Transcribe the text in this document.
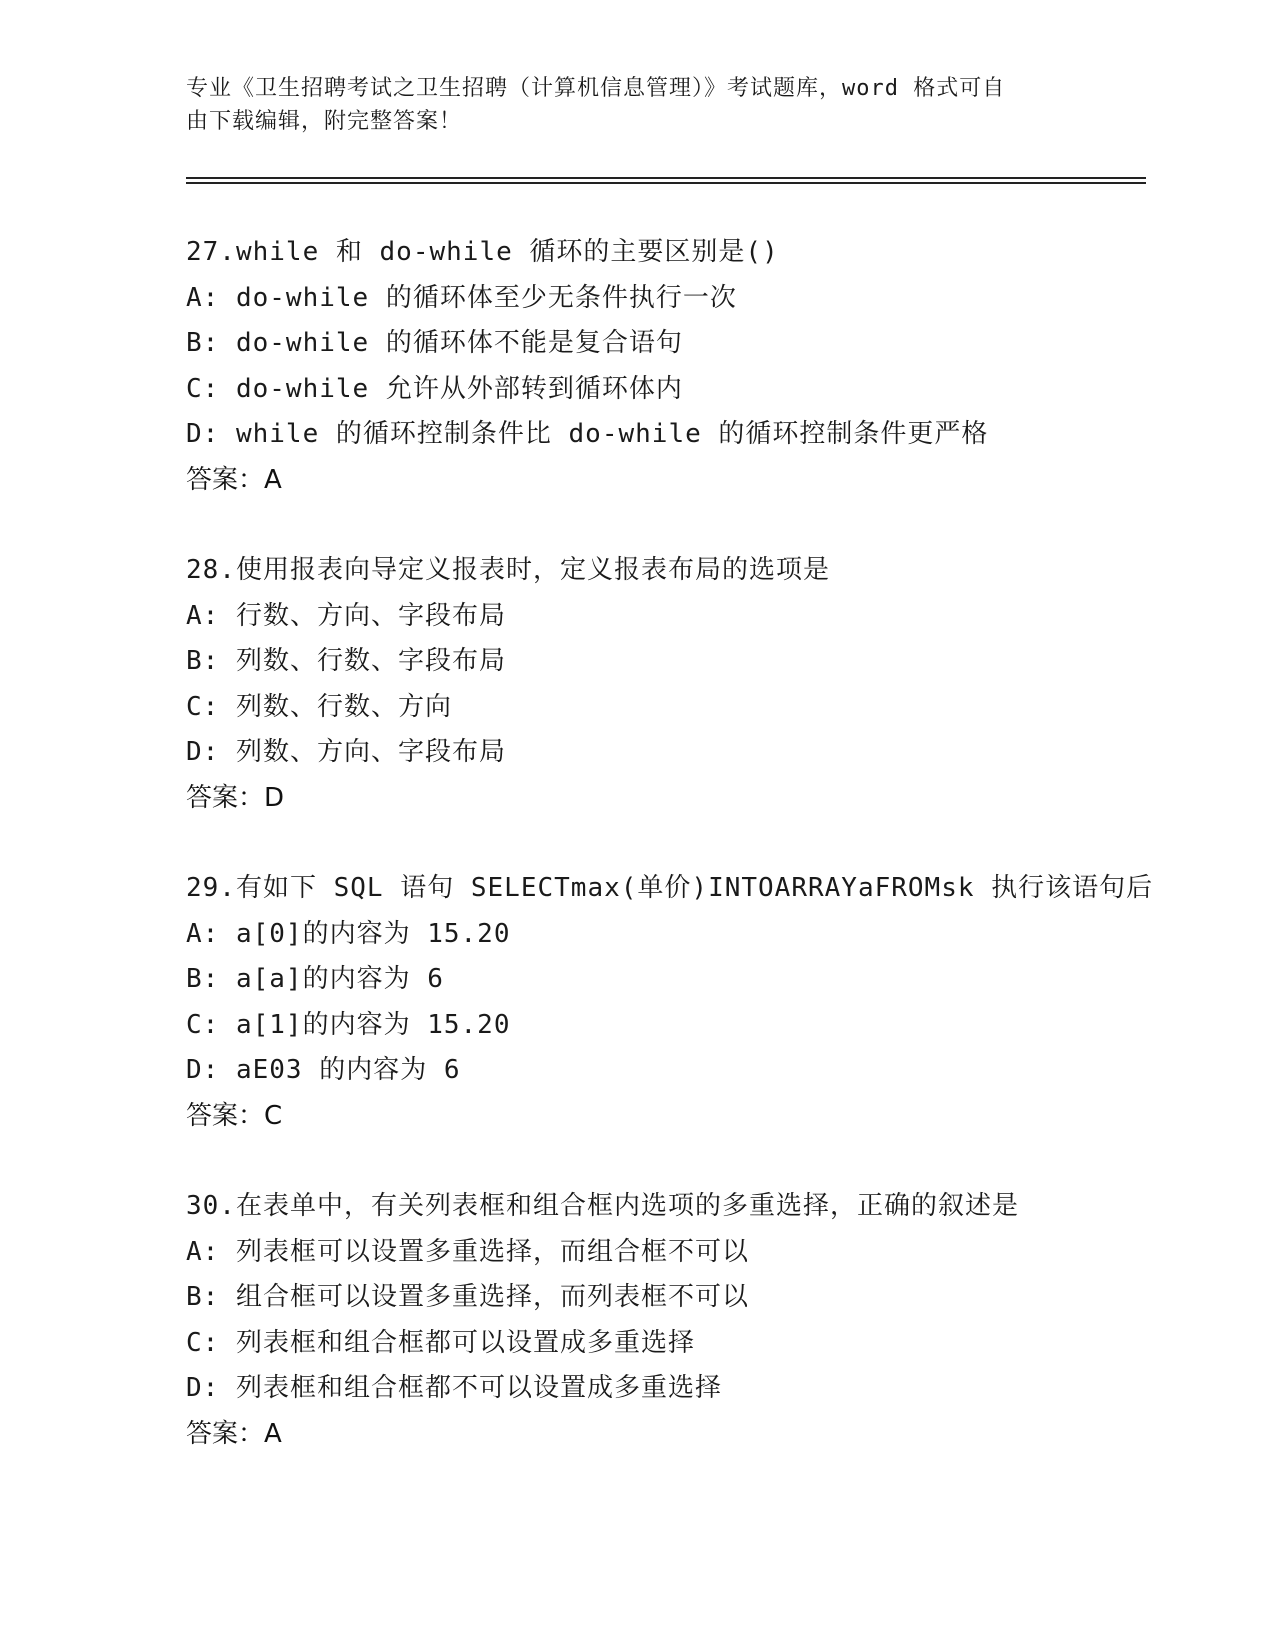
专业《卫生招聘考试之卫生招聘（计算机信息管理）》考试题库，word 格式可自
由下载编辑，附完整答案！
27.while 和 do-while 循环的主要区别是()
A: do-while 的循环体至少无条件执行一次
B: do-while 的循环体不能是复合语句
C: do-while 允许从外部转到循环体内
D: while 的循环控制条件比 do-while 的循环控制条件更严格
答案：A
28.使用报表向导定义报表时，定义报表布局的选项是
A: 行数、方向、字段布局
B: 列数、行数、字段布局
C: 列数、行数、方向
D: 列数、方向、字段布局
答案：D
29.有如下 SQL 语句 SELECTmax(单价)INTOARRAYaFROMsk 执行该语句后
A: a[0]的内容为 15.20
B: a[a]的内容为 6
C: a[1]的内容为 15.20
D: aE03 的内容为 6
答案：C
30.在表单中，有关列表框和组合框内选项的多重选择，正确的叙述是
A: 列表框可以设置多重选择，而组合框不可以
B: 组合框可以设置多重选择，而列表框不可以
C: 列表框和组合框都可以设置成多重选择
D: 列表框和组合框都不可以设置成多重选择
答案：A
